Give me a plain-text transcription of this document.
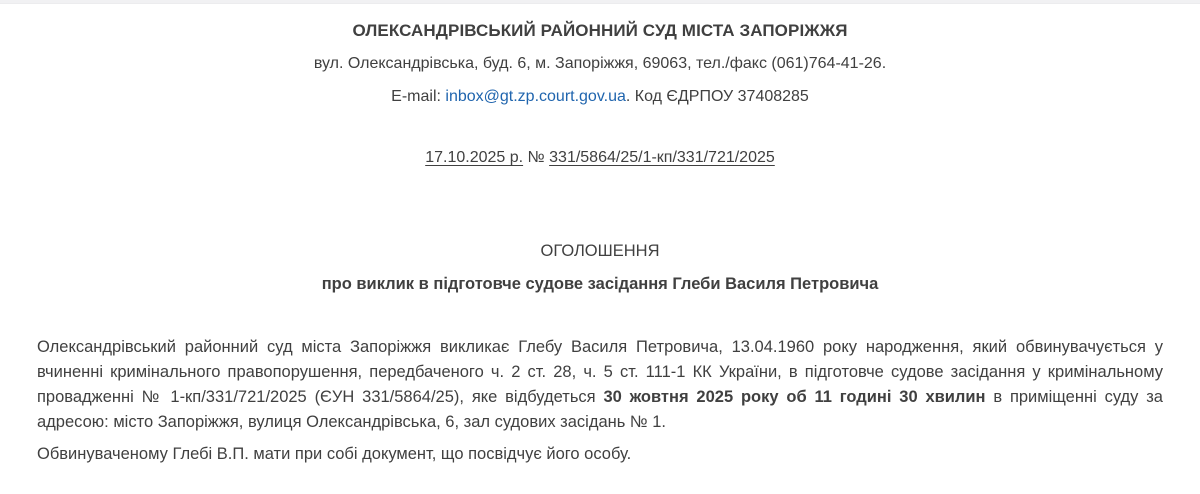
ОЛЕКСАНДРІВСЬКИЙ РАЙОННИЙ СУД МІСТА ЗАПОРІЖЖЯ
вул. Олександрівська, буд. 6, м. Запоріжжя, 69063, тел./факс (061)764-41-26.
E-mail: inbox@gt.zp.court.gov.ua. Код ЄДРПОУ 37408285
17.10.2025 р. № 331/5864/25/1-кп/331/721/2025
ОГОЛОШЕННЯ
про виклик в підготовче судове засідання Глеби Василя Петровича
Олександрівський районний суд міста Запоріжжя викликає Глебу Василя Петровича, 13.04.1960 року народження, який обвинувачується у вчиненні кримінального правопорушення, передбаченого ч. 2 ст. 28, ч. 5 ст. 111-1 КК України, в підготовче судове засідання у кримінальному провадженні № 1-кп/331/721/2025 (ЄУН 331/5864/25), яке відбудеться 30 жовтня 2025 року об 11 годині 30 хвилин в приміщенні суду за адресою: місто Запоріжжя, вулиця Олександрівська, 6, зал судових засідань № 1.
Обвинуваченому Глебі В.П. мати при собі документ, що посвідчує його особу.
